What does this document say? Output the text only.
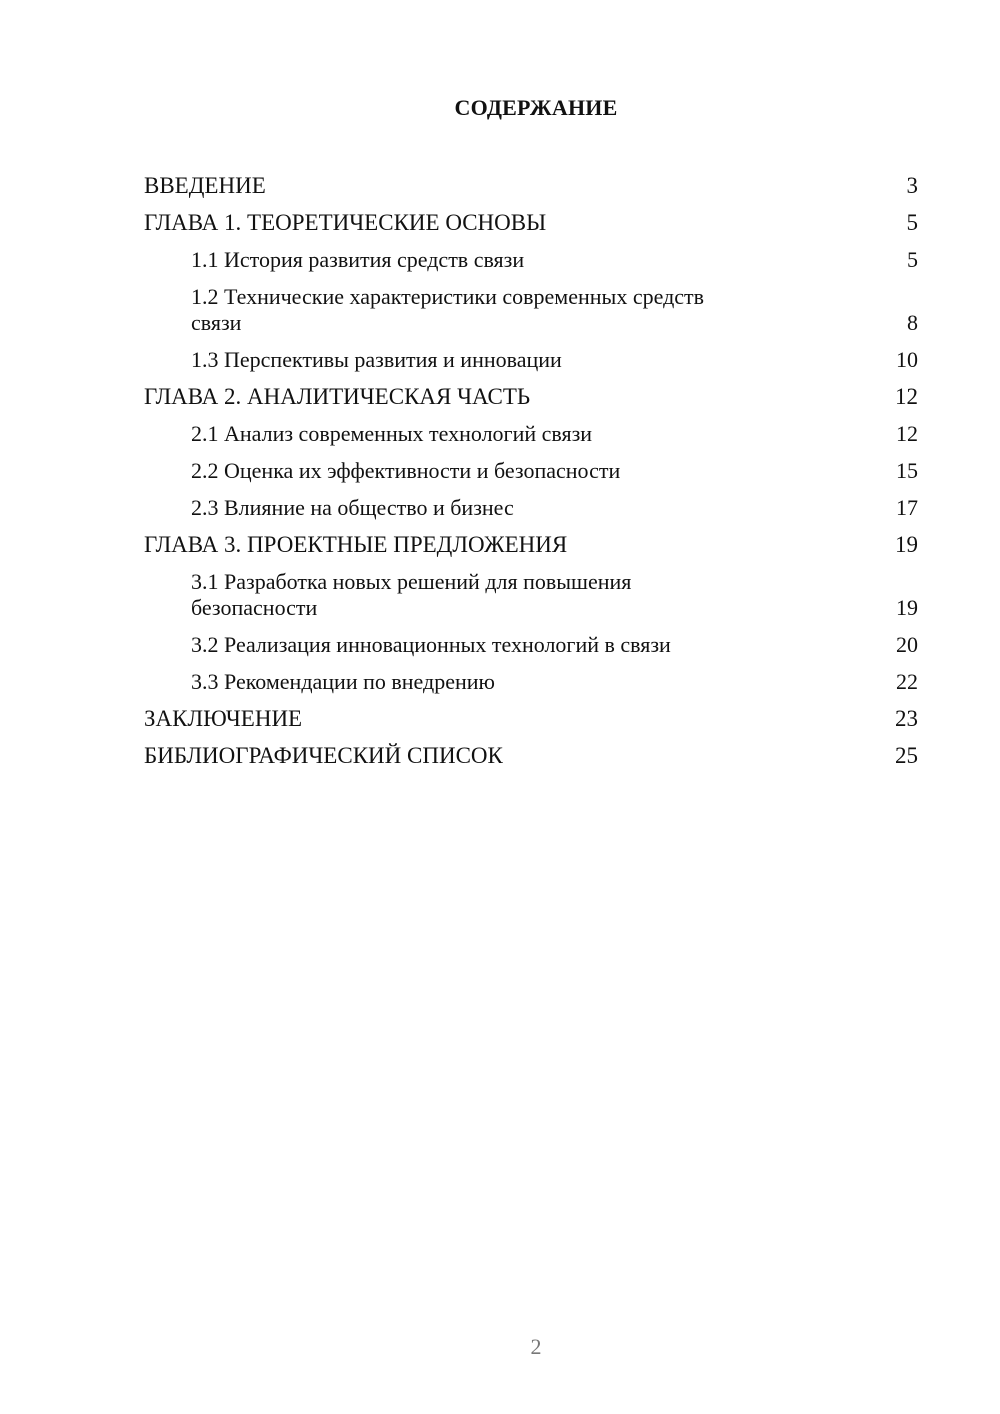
СОДЕРЖАНИЕ
ВВЕДЕНИЕ	3
ГЛАВА 1. ТЕОРЕТИЧЕСКИЕ ОСНОВЫ	5
1.1 История развития средств связи	5
1.2 Технические характеристики современных средств
связи	8
1.3 Перспективы развития и инновации	10
ГЛАВА 2. АНАЛИТИЧЕСКАЯ ЧАСТЬ	12
2.1 Анализ современных технологий связи	12
2.2 Оценка их эффективности и безопасности	15
2.3 Влияние на общество и бизнес	17
ГЛАВА 3. ПРОЕКТНЫЕ ПРЕДЛОЖЕНИЯ	19
3.1 Разработка новых решений для повышения
безопасности	19
3.2 Реализация инновационных технологий в связи	20
3.3 Рекомендации по внедрению	22
ЗАКЛЮЧЕНИЕ	23
БИБЛИОГРАФИЧЕСКИЙ СПИСОК	25
2
